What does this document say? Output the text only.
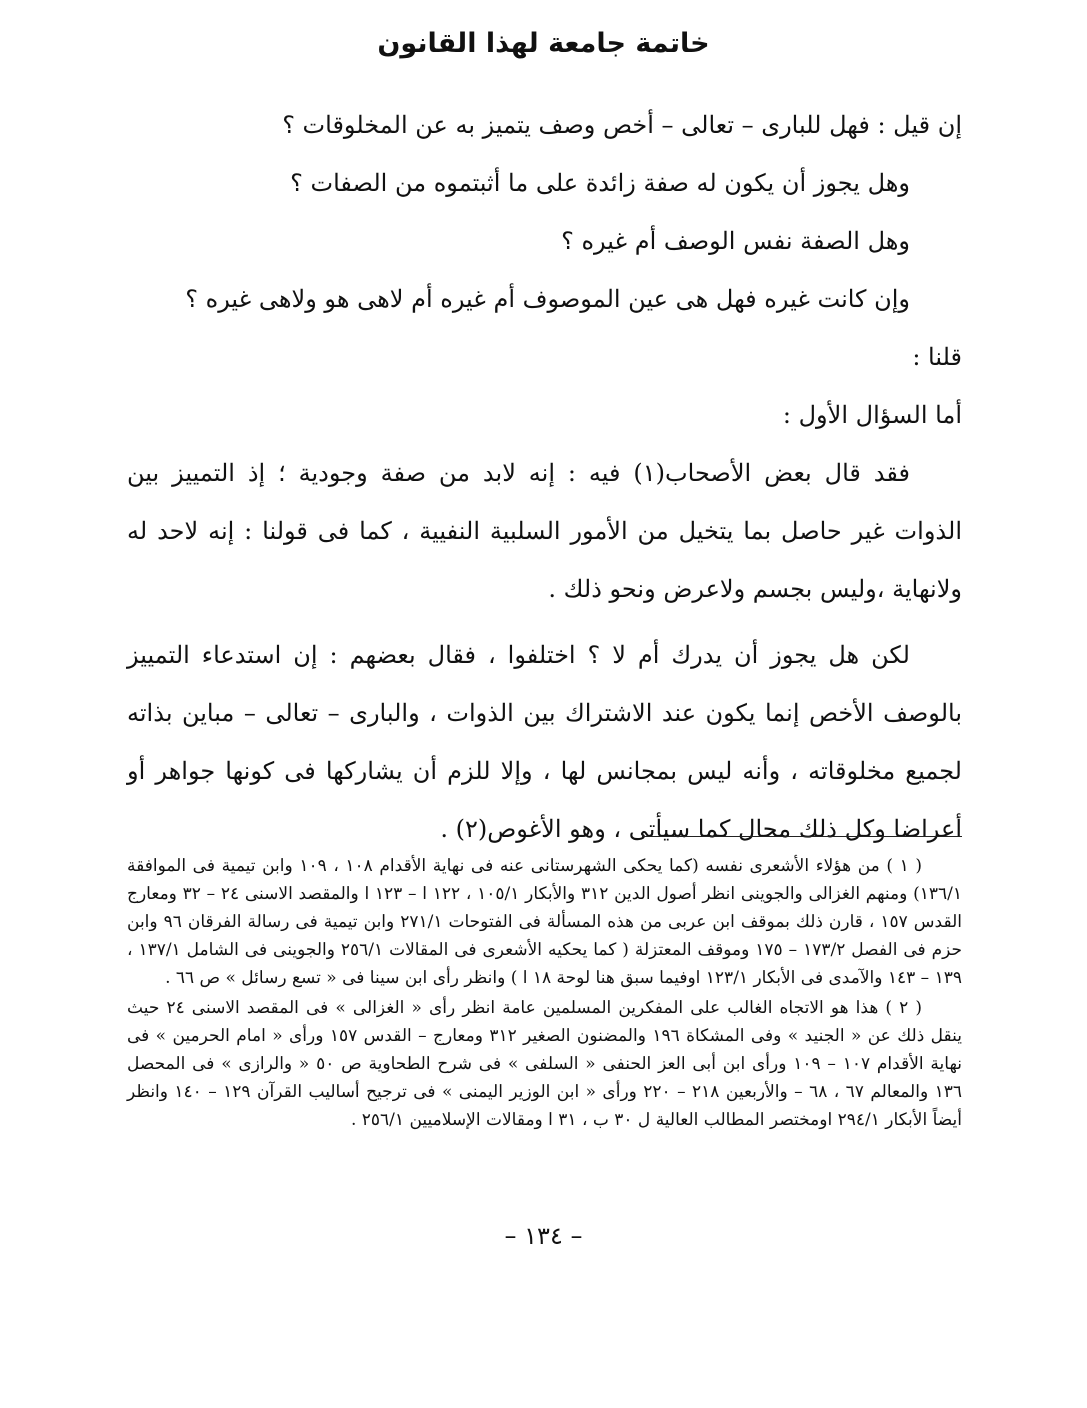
خاتمة جامعة لهذا القانون
إن قيل : فهل للبارى – تعالى – أخص وصف يتميز به عن المخلوقات ؟
وهل يجوز أن يكون له صفة زائدة على ما أثبتموه من الصفات ؟
وهل الصفة نفس الوصف أم غيره ؟
وإن كانت غيره فهل هى عين الموصوف أم غيره أم لاهى هو ولاهى غيره ؟
قلنا :
أما السؤال الأول :
فقد قال بعض الأصحاب(١) فيه : إنه لابد من صفة وجودية ؛ إذ التمييز بين الذوات غير حاصل بما يتخيل من الأمور السلبية النفيية ، كما فى قولنا : إنه لاحد له ولانهاية ،وليس بجسم ولاعرض ونحو ذلك .
لكن هل يجوز أن يدرك أم لا ؟ اختلفوا ، فقال بعضهم : إن استدعاء التمييز بالوصف الأخص إنما يكون عند الاشتراك بين الذوات ، والبارى – تعالى – مباين بذاته لجميع مخلوقاته ، وأنه ليس بمجانس لها ، وإلا للزم أن يشاركها فى كونها جواهر أو أعراضا وكل ذلك محال كما سيأتى ، وهو الأغوص(٢) .

( ١ ) من هؤلاء الأشعرى نفسه (كما يحكى الشهرستانى عنه فى نهاية الأقدام ١٠٨ ، ١٠٩ وابن تيمية فى الموافقة ١٣٦/١) ومنهم الغزالى والجوينى انظر أصول الدين ٣١٢ والأبكار ١٠٥/١ ، ١٢٢ ا – ١٢٣ ا والمقصد الاسنى ٢٤ – ٣٢ ومعارج القدس ١٥٧ ، قارن ذلك بموقف ابن عربى من هذه المسألة فى الفتوحات ٢٧١/١ وابن تيمية فى رسالة الفرقان ٩٦ وابن حزم فى الفصل ١٧٣/٢ – ١٧٥ وموقف المعتزلة ( كما يحكيه الأشعرى فى المقالات ٢٥٦/١ والجوينى فى الشامل ١٣٧/١ ، ١٣٩ – ١٤٣ والآمدى فى الأبكار ١٢٣/١ اوفيما سبق هنا لوحة ١٨ ا ) وانظر رأى ابن سينا فى « تسع رسائل » ص ٦٦ .

( ٢ ) هذا هو الاتجاه الغالب على المفكرين المسلمين عامة انظر رأى « الغزالى » فى المقصد الاسنى ٢٤ حيث ينقل ذلك عن « الجنيد » وفى المشكاة ١٩٦ والمضنون الصغير ٣١٢ ومعارج – القدس ١٥٧ ورأى « امام الحرمين » فى نهاية الأقدام ١٠٧ – ١٠٩ ورأى ابن أبى العز الحنفى « السلفى » فى شرح الطحاوية ص ٥٠ « والرازى » فى المحصل ١٣٦ والمعالم ٦٧ ، ٦٨ – والأربعين ٢١٨ – ٢٢٠ ورأى « ابن الوزير اليمنى » فى ترجيح أساليب القرآن ١٢٩ – ١٤٠ وانظر أيضاً الأبكار ٢٩٤/١ اومختصر المطالب العالية ل ٣٠ ب ، ٣١ ا ومقالات الإسلاميين ٢٥٦/١ .

– ١٣٤ –
